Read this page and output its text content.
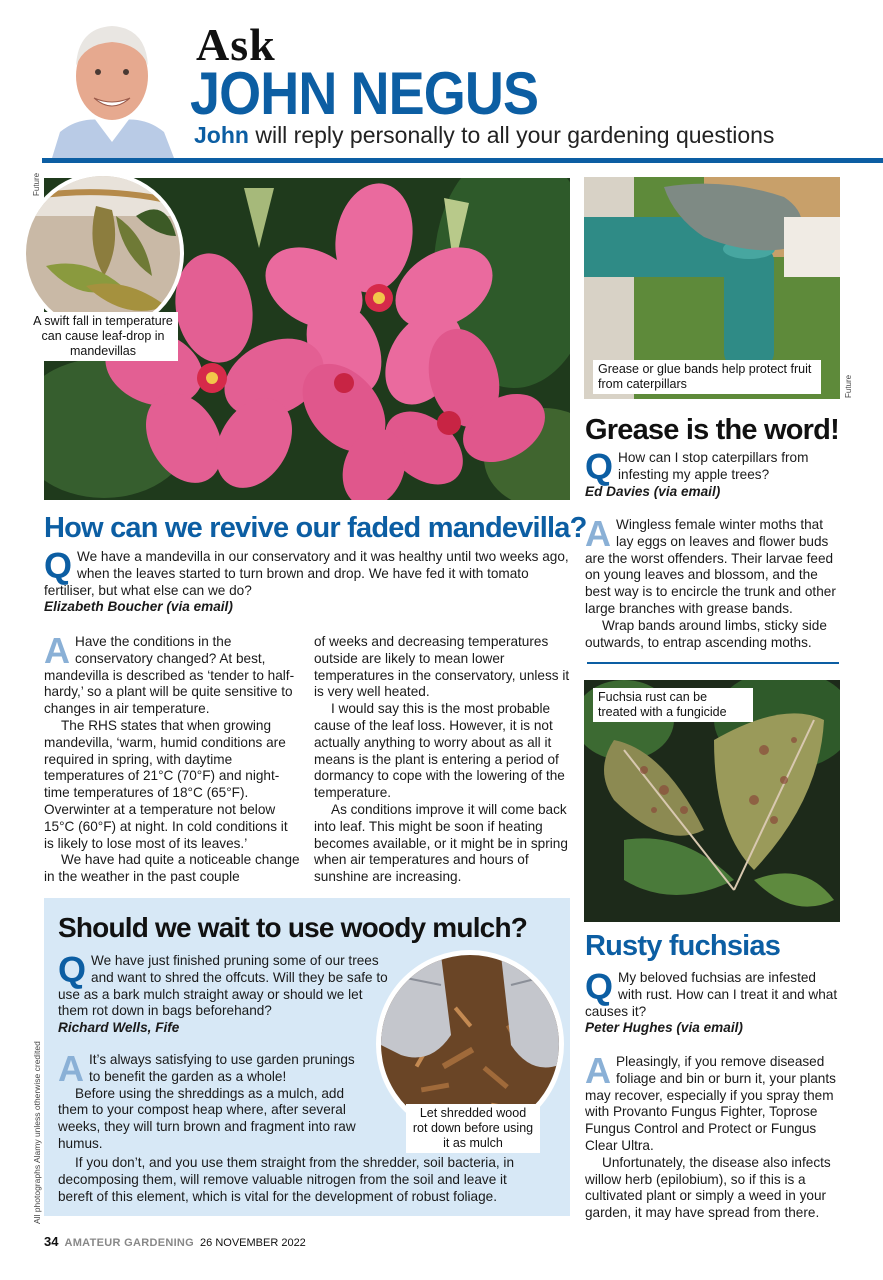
Ask
JOHN NEGUS
John will reply personally to all your gardening questions
Future
Future
All photographs Alamy unless otherwise credited
A swift fall in temperature can cause leaf-drop in mandevillas
Grease or glue bands help protect fruit from caterpillars
Grease is the word!
Q How can I stop caterpillars from infesting my apple trees?

Ed Davies (via email)

A Wingless female winter moths that lay eggs on leaves and flower buds are the worst offenders. Their larvae feed on young leaves and blossom, and the best way is to encircle the trunk and other large branches with grease bands.

Wrap bands around limbs, sticky side outwards, to entrap ascending moths.

Fuchsia rust can be treated with a fungicide
Rusty fuchsias
Q My beloved fuchsias are infested with rust. How can I treat it and what causes it?

Peter Hughes (via email)

A Pleasingly, if you remove diseased foliage and bin or burn it, your plants may recover, especially if you spray them with Provanto Fungus Fighter, Toprose Fungus Control and Protect or Fungus Clear Ultra.

Unfortunately, the disease also infects willow herb (epilobium), so if this is a cultivated plant or simply a weed in your garden, it may have spread from there.

How can we revive our faded mandevilla?
Q We have a mandevilla in our conservatory and it was healthy until two weeks ago, when the leaves started to turn brown and drop. We have fed it with tomato fertiliser, but what else can we do?

Elizabeth Boucher (via email)

A Have the conditions in the conservatory changed? At best, mandevilla is described as ‘tender to half-hardy,’ so a plant will be quite sensitive to changes in air temperature.

The RHS states that when growing mandevilla, ‘warm, humid conditions are required in spring, with daytime temperatures of 21°C (70°F) and night-time temperatures of 18°C (65°F). Overwinter at a temperature not below 15°C (60°F) at night. In cold conditions it is likely to lose most of its leaves.’

We have had quite a noticeable change in the weather in the past couple

of weeks and decreasing temperatures outside are likely to mean lower temperatures in the conservatory, unless it is very well heated.

I would say this is the most probable cause of the leaf loss. However, it is not actually anything to worry about as all it means is the plant is entering a period of dormancy to cope with the lowering of the temperature.

As conditions improve it will come back into leaf. This might be soon if heating becomes available, or it might be in spring when air temperatures and hours of sunshine are increasing.

Should we wait to use woody mulch?
Q We have just finished pruning some of our trees and want to shred the offcuts. Will they be safe to use as a bark mulch straight away or should we let them rot down in bags beforehand?

Richard Wells, Fife

A It’s always satisfying to use garden prunings to benefit the garden as a whole!

Before using the shreddings as a mulch, add them to your compost heap where, after several weeks, they will turn brown and fragment into raw humus.

If you don’t, and you use them straight from the shredder, soil bacteria, in decomposing them, will remove valuable nitrogen from the soil and leave it bereft of this element, which is vital for the development of robust foliage.

Let shredded wood rot down before using it as mulch
34 AMATEUR GARDENING 26 NOVEMBER 2022
